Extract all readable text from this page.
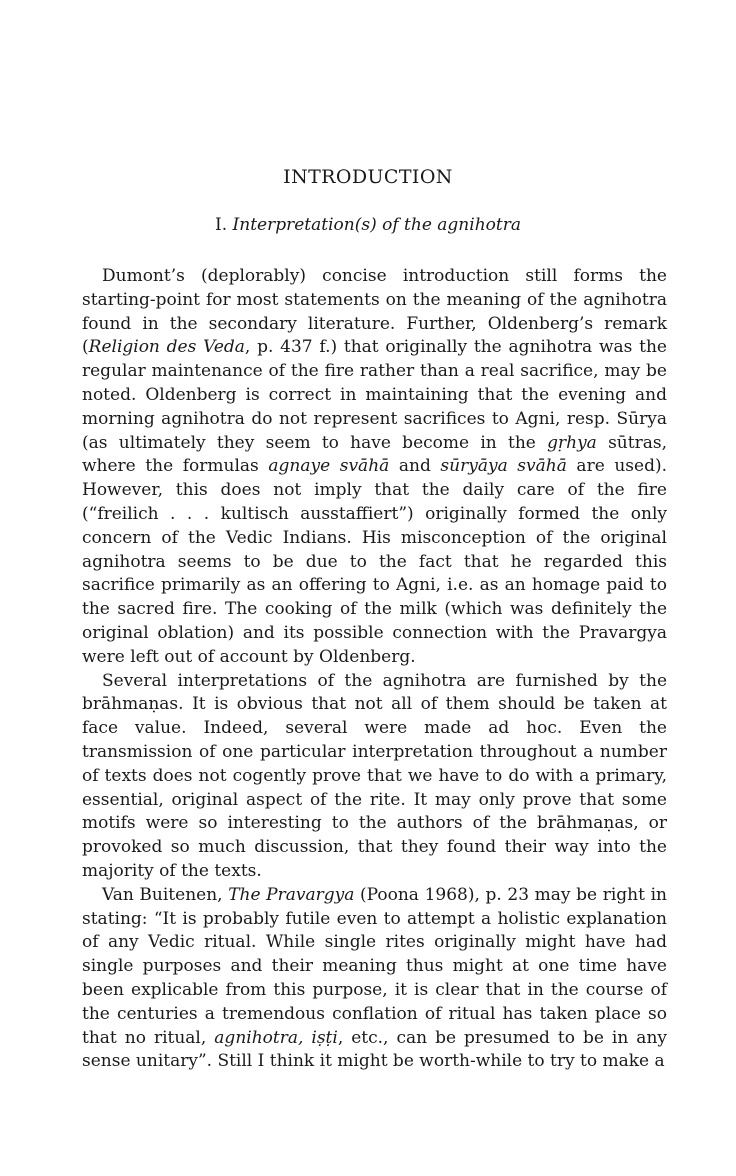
INTRODUCTION
I. Interpretation(s) of the agnihotra

Dumont’s (deplorably) concise introduction still forms the starting-point for most statements on the meaning of the agnihotra found in the secondary literature. Further, Oldenberg’s remark (Religion des Veda, p. 437 f.) that originally the agnihotra was the regular maintenance of the fire rather than a real sacrifice, may be noted. Oldenberg is correct in maintaining that the evening and morning agnihotra do not represent sacrifices to Agni, resp. Sūrya (as ultimately they seem to have become in the gṛhya sūtras, where the formulas agnaye svāhā and sūryāya svāhā are used). However, this does not imply that the daily care of the fire (“freilich . . . kultisch ausstaffiert”) originally formed the only concern of the Vedic Indians. His misconception of the original agnihotra seems to be due to the fact that he regarded this sacrifice primarily as an offering to Agni, i.e. as an homage paid to the sacred fire. The cooking of the milk (which was definitely the original oblation) and its possible connection with the Pravargya were left out of account by Oldenberg.

Several interpretations of the agnihotra are furnished by the brāhmaṇas. It is obvious that not all of them should be taken at face value. Indeed, several were made ad hoc. Even the transmission of one particular interpretation throughout a number of texts does not cogently prove that we have to do with a primary, essential, original aspect of the rite. It may only prove that some motifs were so interesting to the authors of the brāhmaṇas, or provoked so much discussion, that they found their way into the majority of the texts.

Van Buitenen, The Pravargya (Poona 1968), p. 23 may be right in stating: “It is probably futile even to attempt a holistic explanation of any Vedic ritual. While single rites originally might have had single purposes and their meaning thus might at one time have been explicable from this purpose, it is clear that in the course of the centuries a tremendous conflation of ritual has taken place so that no ritual, agnihotra, iṣṭi, etc., can be presumed to be in any sense unitary”. Still I think it might be worth-while to try to make a
